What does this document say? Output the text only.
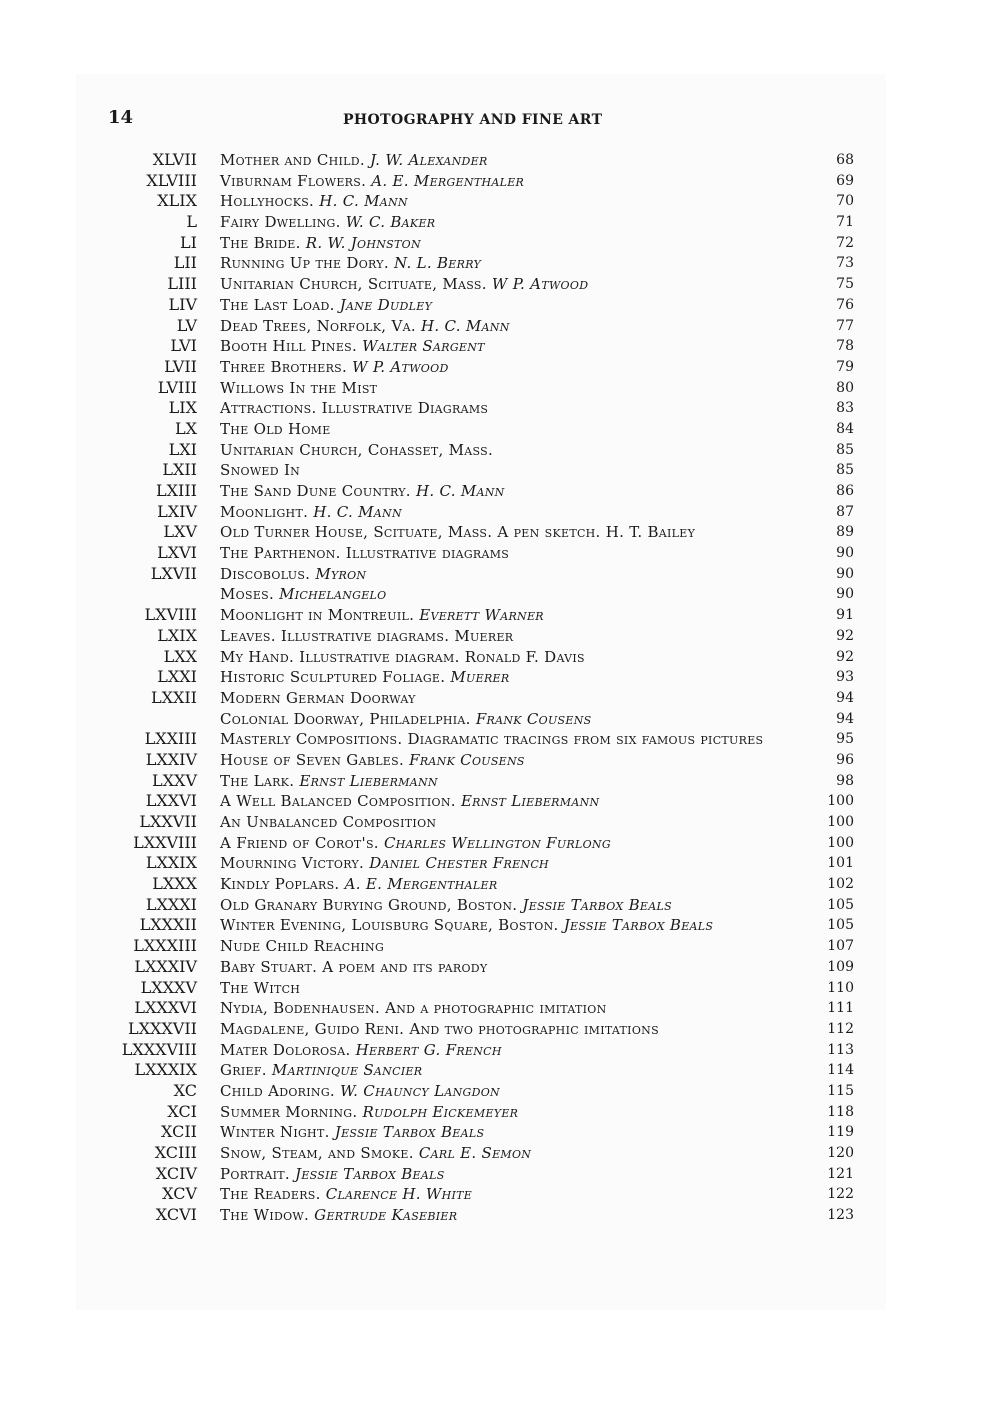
14	PHOTOGRAPHY AND FINE ART
XLVII Mother and Child. J. W. Alexander	68
XLVIII Viburnam Flowers. A. E. Mergenthaler	69
XLIX Hollyhocks. H. C. Mann	70
L Fairy Dwelling. W. C. Baker	71
LI The Bride. R. W. Johnston	72
LII Running Up the Dory. N. L. Berry	73
LIII Unitarian Church, Scituate, Mass. W P. Atwood	75
LIV The Last Load. Jane Dudley	76
LV Dead Trees, Norfolk, Va. H. C. Mann	77
LVI Booth Hill Pines. Walter Sargent	78
LVII Three Brothers. W P. Atwood	79
LVIII Willows In the Mist	80
LIX Attractions. Illustrative Diagrams	83
LX The Old Home	84
LXI Unitarian Church, Cohasset, Mass.	85
LXII Snowed In	85
LXIII The Sand Dune Country. H. C. Mann	86
LXIV Moonlight. H. C. Mann	87
LXV Old Turner House, Scituate, Mass. A pen sketch. H. T. Bailey	89
LXVI The Parthenon. Illustrative diagrams	90
LXVII Discobolus. Myron	90
Moses. Michelangelo	90
LXVIII Moonlight in Montreuil. Everett Warner	91
LXIX Leaves. Illustrative diagrams. Muerer	92
LXX My Hand. Illustrative diagram. Ronald F. Davis	92
LXXI Historic Sculptured Foliage. Muerer	93
LXXII Modern German Doorway	94
Colonial Doorway, Philadelphia. Frank Cousens	94
LXXIII Masterly Compositions. Diagramatic tracings from six famous pictures	95
LXXIV House of Seven Gables. Frank Cousens	96
LXXV The Lark. Ernst Liebermann	98
LXXVI A Well Balanced Composition. Ernst Liebermann	100
LXXVII An Unbalanced Composition	100
LXXVIII A Friend of Corot's. Charles Wellington Furlong	100
LXXIX Mourning Victory. Daniel Chester French	101
LXXX Kindly Poplars. A. E. Mergenthaler	102
LXXXI Old Granary Burying Ground, Boston. Jessie Tarbox Beals	105
LXXXII Winter Evening, Louisburg Square, Boston. Jessie Tarbox Beals	105
LXXXIII Nude Child Reaching	107
LXXXIV Baby Stuart. A poem and its parody	109
LXXXV The Witch	110
LXXXVI Nydia, Bodenhausen. And a photographic imitation	111
LXXXVII Magdalene, Guido Reni. And two photographic imitations	112
LXXXVIII Mater Dolorosa. Herbert G. French	113
LXXXIX Grief. Martinique Sancier	114
XC Child Adoring. W. Chauncy Langdon	115
XCI Summer Morning. Rudolph Eickemeyer	118
XCII Winter Night. Jessie Tarbox Beals	119
XCIII Snow, Steam, and Smoke. Carl E. Semon	120
XCIV Portrait. Jessie Tarbox Beals	121
XCV The Readers. Clarence H. White	122
XCVI The Widow. Gertrude Kasebier	123
